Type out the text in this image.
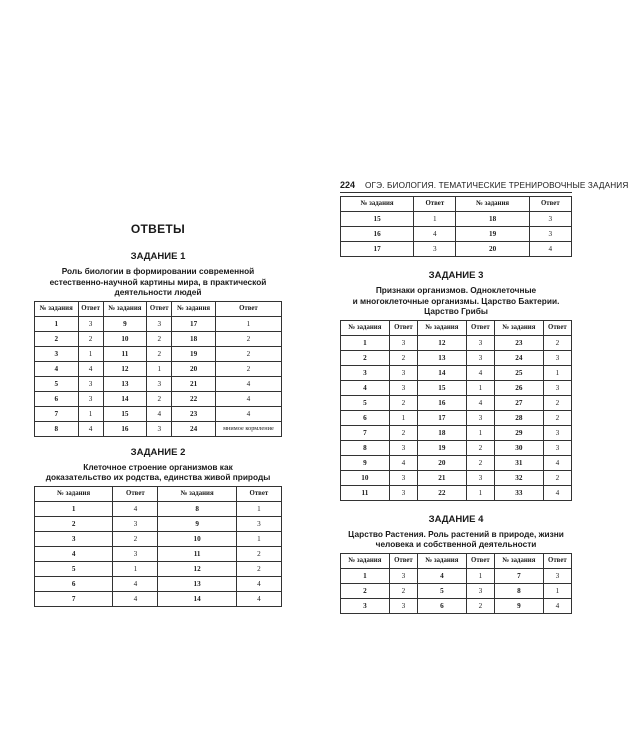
ОТВЕТЫ
ЗАДАНИЕ 1
Роль биологии в формировании современной
естественно-научной картины мира, в практической
деятельности людей
№ задания	Ответ	№ задания	Ответ	№ задания	Ответ
1	3	9	3	17	1
2	2	10	2	18	2
3	1	11	2	19	2
4	4	12	1	20	2
5	3	13	3	21	4
6	3	14	2	22	4
7	1	15	4	23	4
8	4	16	3	24	мнимое кормление
ЗАДАНИЕ 2
Клеточное строение организмов как
доказательство их родства, единства живой природы
№ задания	Ответ	№ задания	Ответ
1	4	8	1
2	3	9	3
3	2	10	1
4	3	11	2
5	1	12	2
6	4	13	4
7	4	14	4
224 ОГЭ. БИОЛОГИЯ. ТЕМАТИЧЕСКИЕ ТРЕНИРОВОЧНЫЕ ЗАДАНИЯ
№ задания	Ответ	№ задания	Ответ
15	1	18	3
16	4	19	3
17	3	20	4
ЗАДАНИЕ 3
Признаки организмов. Одноклеточные
и многоклеточные организмы. Царство Бактерии.
Царство Грибы
№ задания	Ответ	№ задания	Ответ	№ задания	Ответ
1	3	12	3	23	2
2	2	13	3	24	3
3	3	14	4	25	1
4	3	15	1	26	3
5	2	16	4	27	2
6	1	17	3	28	2
7	2	18	1	29	3
8	3	19	2	30	3
9	4	20	2	31	4
10	3	21	3	32	2
11	3	22	1	33	4
ЗАДАНИЕ 4
Царство Растения. Роль растений в природе, жизни
человека и собственной деятельности
№ задания	Ответ	№ задания	Ответ	№ задания	Ответ
1	3	4	1	7	3
2	2	5	3	8	1
3	3	6	2	9	4
